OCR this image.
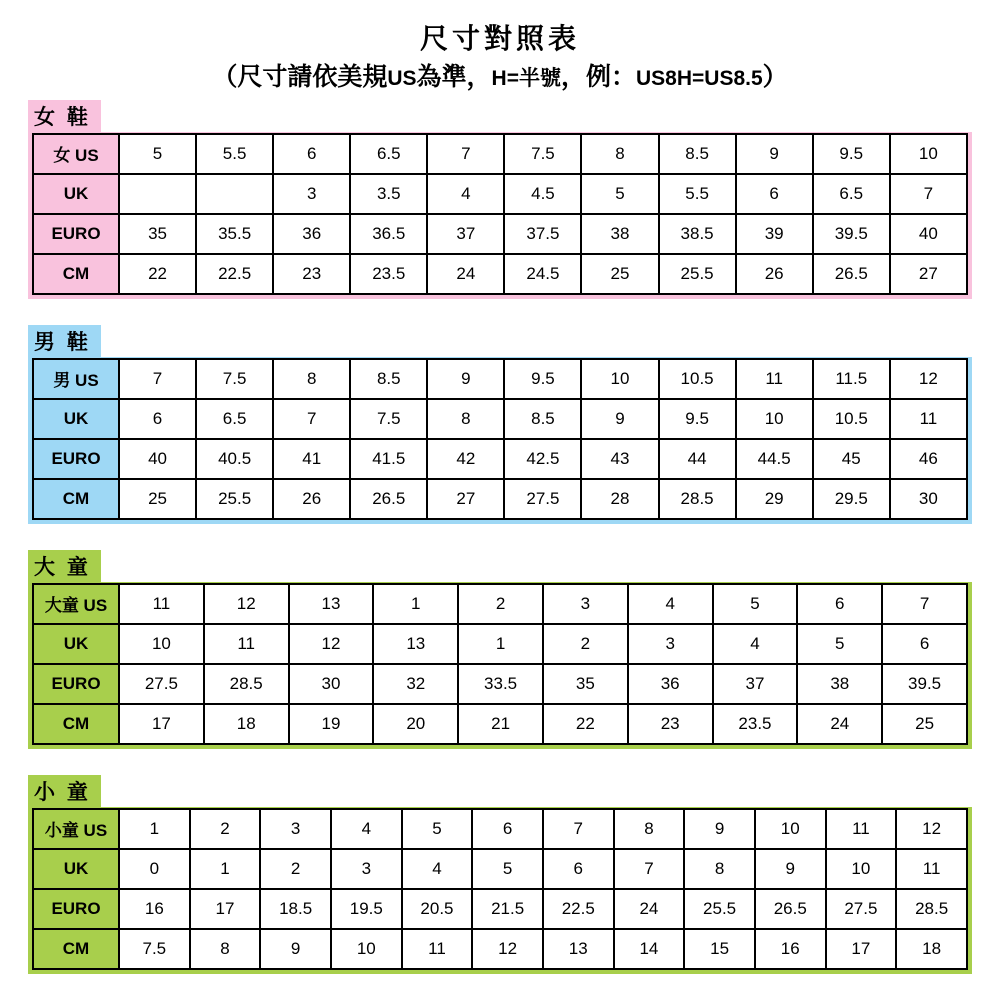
尺寸對照表
（尺寸請依美規US為準，H=半號，例：US8H=US8.5）
女 鞋
女 US	5	5.5	6	6.5	7	7.5	8	8.5	9	9.5	10
UK			3	3.5	4	4.5	5	5.5	6	6.5	7
EURO	35	35.5	36	36.5	37	37.5	38	38.5	39	39.5	40
CM	22	22.5	23	23.5	24	24.5	25	25.5	26	26.5	27
男 鞋
男 US	7	7.5	8	8.5	9	9.5	10	10.5	11	11.5	12
UK	6	6.5	7	7.5	8	8.5	9	9.5	10	10.5	11
EURO	40	40.5	41	41.5	42	42.5	43	44	44.5	45	46
CM	25	25.5	26	26.5	27	27.5	28	28.5	29	29.5	30
大 童
大童 US	11	12	13	1	2	3	4	5	6	7
UK	10	11	12	13	1	2	3	4	5	6
EURO	27.5	28.5	30	32	33.5	35	36	37	38	39.5
CM	17	18	19	20	21	22	23	23.5	24	25
小 童
小童 US	1	2	3	4	5	6	7	8	9	10	11	12
UK	0	1	2	3	4	5	6	7	8	9	10	11
EURO	16	17	18.5	19.5	20.5	21.5	22.5	24	25.5	26.5	27.5	28.5
CM	7.5	8	9	10	11	12	13	14	15	16	17	18
